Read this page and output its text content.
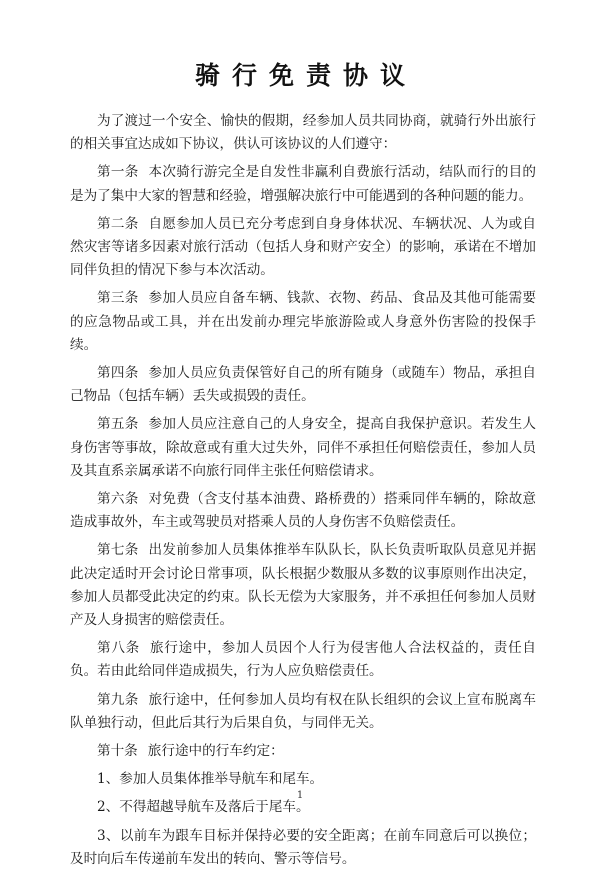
骑行免责协议

为了渡过一个安全、愉快的假期，经参加人员共同协商，就骑行外出旅行的相关事宜达成如下协议，供认可该协议的人们遵守：

第一条 本次骑行游完全是自发性非赢利自费旅行活动，结队而行的目的是为了集中大家的智慧和经验，增强解决旅行中可能遇到的各种问题的能力。

第二条 自愿参加人员已充分考虑到自身身体状况、车辆状况、人为或自然灾害等诸多因素对旅行活动（包括人身和财产安全）的影响，承诺在不增加同伴负担的情况下参与本次活动。

第三条 参加人员应自备车辆、钱款、衣物、药品、食品及其他可能需要的应急物品或工具，并在出发前办理完毕旅游险或人身意外伤害险的投保手续。

第四条 参加人员应负责保管好自己的所有随身（或随车）物品，承担自己物品（包括车辆）丢失或损毁的责任。

第五条 参加人员应注意自己的人身安全，提高自我保护意识。若发生人身伤害等事故，除故意或有重大过失外，同伴不承担任何赔偿责任，参加人员及其直系亲属承诺不向旅行同伴主张任何赔偿请求。

第六条 对免费（含支付基本油费、路桥费的）搭乘同伴车辆的，除故意造成事故外，车主或驾驶员对搭乘人员的人身伤害不负赔偿责任。

第七条 出发前参加人员集体推举车队队长，队长负责听取队员意见并据此决定适时开会讨论日常事项，队长根据少数服从多数的议事原则作出决定，参加人员都受此决定的约束。队长无偿为大家服务，并不承担任何参加人员财产及人身损害的赔偿责任。

第八条 旅行途中，参加人员因个人行为侵害他人合法权益的，责任自负。若由此给同伴造成损失，行为人应负赔偿责任。

第九条 旅行途中，任何参加人员均有权在队长组织的会议上宣布脱离车队单独行动，但此后其行为后果自负，与同伴无关。

第十条 旅行途中的行车约定：

1、参加人员集体推举导航车和尾车。

2、不得超越导航车及落后于尾车。

3、以前车为跟车目标并保持必要的安全距离；在前车同意后可以换位；及时向后车传递前车发出的转向、警示等信号。

1
